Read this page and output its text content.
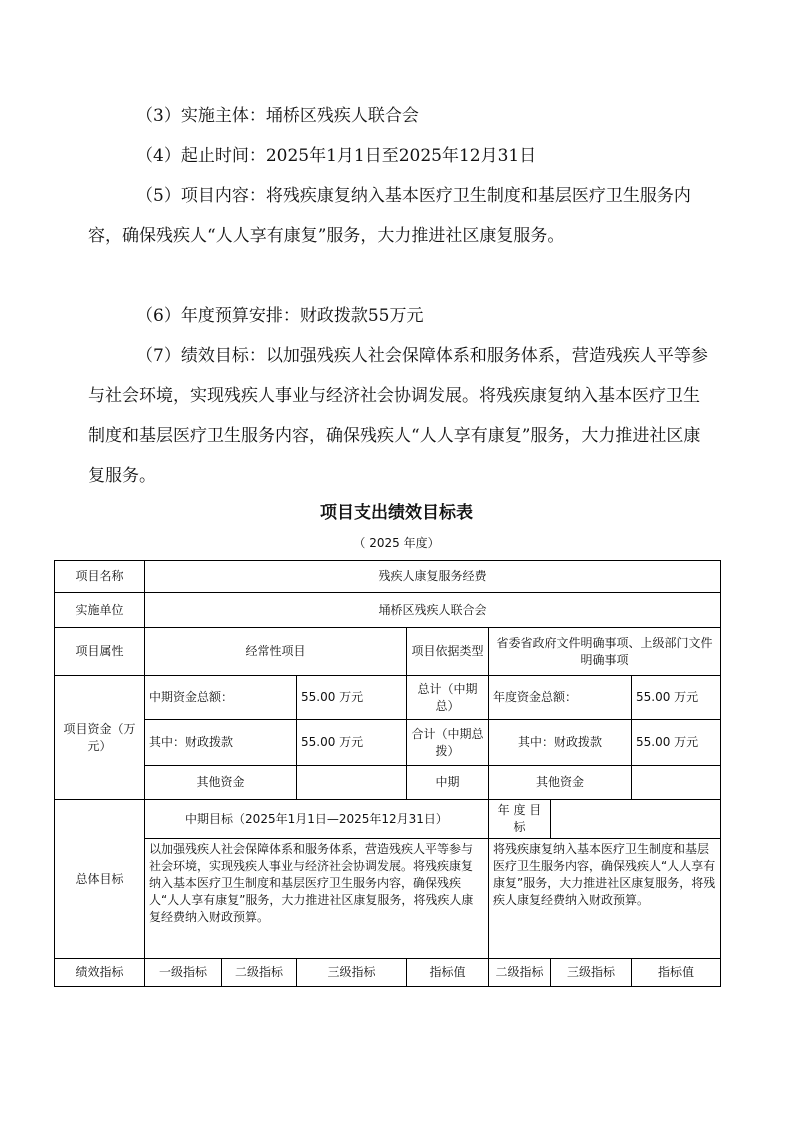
（3）实施主体：埇桥区残疾人联合会
（4）起止时间：2025年1月1日至2025年12月31日
（5）项目内容：将残疾康复纳入基本医疗卫生制度和基层医疗卫生服务内容，确保残疾人“人人享有康复”服务，大力推进社区康复服务。
（6）年度预算安排：财政拨款55万元
（7）绩效目标：以加强残疾人社会保障体系和服务体系，营造残疾人平等参与社会环境，实现残疾人事业与经济社会协调发展。将残疾康复纳入基本医疗卫生制度和基层医疗卫生服务内容，确保残疾人“人人享有康复”服务，大力推进社区康复服务。
项目支出绩效目标表
（ 2025 年度）
项目名称	残疾人康复服务经费						
实施单位	埇桥区残疾人联合会						
项目属性	经常性项目			项目依据类型	省委省政府文件明确事项、上级部门文件明确事项		
项目资金（万元）	中期资金总额：		55.00 万元	总计（中期总）	年度资金总额：		55.00 万元
	其中：财政拨款		55.00 万元	合计（中期总拨）	其中：财政拨款		55.00 万元
	其他资金			中期	其他资金		
总体目标	中期目标（2025年1月1日—2025年12月31日）				年 度 目标		
	以加强残疾人社会保障体系和服务体系，营造残疾人平等参与社会环境，实现残疾人事业与经济社会协调发展。将残疾康复纳入基本医疗卫生制度和基层医疗卫生服务内容，确保残疾人“人人享有康复”服务，大力推进社区康复服务，将残疾人康复经费纳入财政预算。				将残疾康复纳入基本医疗卫生制度和基层医疗卫生服务内容，确保残疾人“人人享有康复”服务，大力推进社区康复服务，将残疾人康复经费纳入财政预算。		
绩效指标	一级指标	二级指标	三级指标	指标值	二级指标	三级指标	指标值
